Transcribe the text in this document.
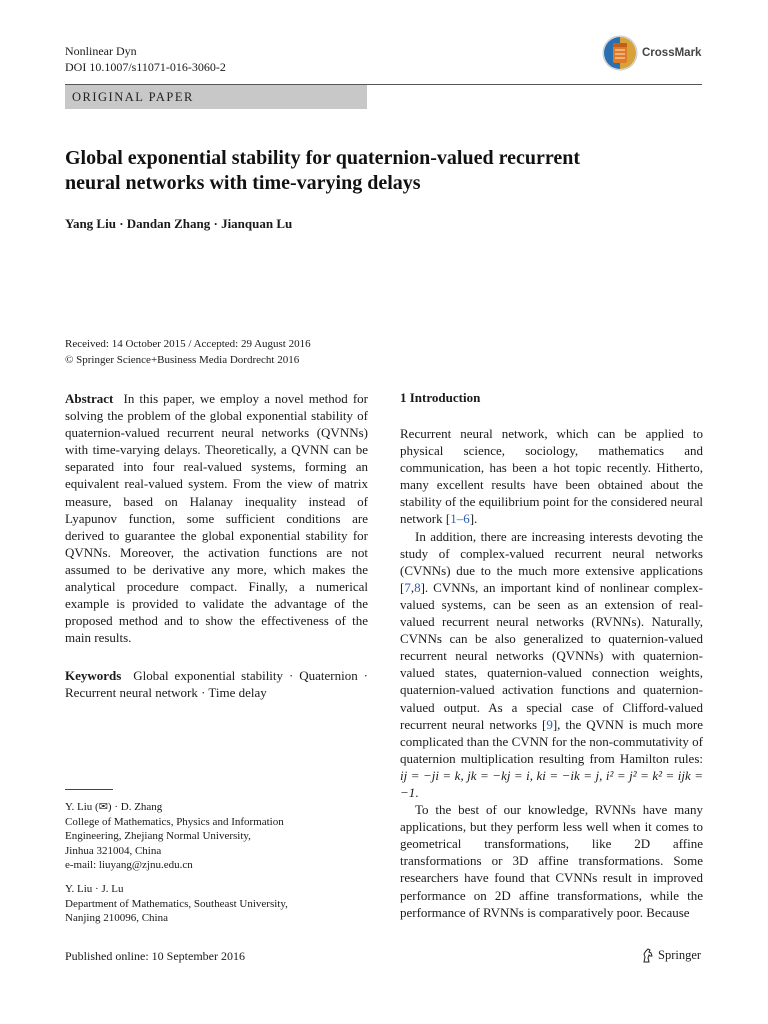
Nonlinear Dyn
DOI 10.1007/s11071-016-3060-2
CrossMark
ORIGINAL PAPER
Global exponential stability for quaternion-valued recurrent
neural networks with time-varying delays
Yang Liu · Dandan Zhang · Jianquan Lu
Received: 14 October 2015 / Accepted: 29 August 2016
© Springer Science+Business Media Dordrecht 2016

Abstract In this paper, we employ a novel method for solving the problem of the global exponential stability of quaternion-valued recurrent neural networks (QVNNs) with time-varying delays. Theoretically, a QVNN can be separated into four real-valued systems, forming an equivalent real-valued system. From the view of matrix measure, based on Halanay inequality instead of Lyapunov function, some sufficient conditions are derived to guarantee the global exponential stability for QVNNs. Moreover, the activation functions are not assumed to be derivative any more, which makes the analytical procedure compact. Finally, a numerical example is provided to validate the advantage of the proposed method and to show the effectiveness of the main results.

Keywords Global exponential stability · Quaternion · Recurrent neural network · Time delay

Y. Liu (✉) · D. Zhang
College of Mathematics, Physics and Information
Engineering, Zhejiang Normal University,
Jinhua 321004, China
e-mail: liuyang@zjnu.edu.cn
Y. Liu · J. Lu
Department of Mathematics, Southeast University,
Nanjing 210096, China
Published online: 10 September 2016	Springer
1 Introduction

Recurrent neural network, which can be applied to physical science, sociology, mathematics and communication, has been a hot topic recently. Hitherto, many excellent results have been obtained about the stability of the equilibrium point for the considered neural network [1–6].

In addition, there are increasing interests devoting the study of complex-valued recurrent neural networks (CVNNs) due to the much more extensive applications [7,8]. CVNNs, an important kind of nonlinear complex-valued systems, can be seen as an extension of real-valued recurrent neural networks (RVNNs). Naturally, CVNNs can be also generalized to quaternion-valued recurrent neural networks (QVNNs) with quaternion-valued states, quaternion-valued connection weights, quaternion-valued activation functions and quaternion-valued output. As a special case of Clifford-valued recurrent neural networks [9], the QVNN is much more complicated than the CVNN for the non-commutativity of quaternion multiplication resulting from Hamilton rules: ij = −ji = k, jk = −kj = i, ki = −ik = j, i² = j² = k² = ijk = −1.

To the best of our knowledge, RVNNs have many applications, but they perform less well when it comes to geometrical transformations, like 2D affine transformations or 3D affine transformations. Some researchers have found that CVNNs result in improved performance on 2D affine transformations, while the performance of RVNNs is comparatively poor. Because
